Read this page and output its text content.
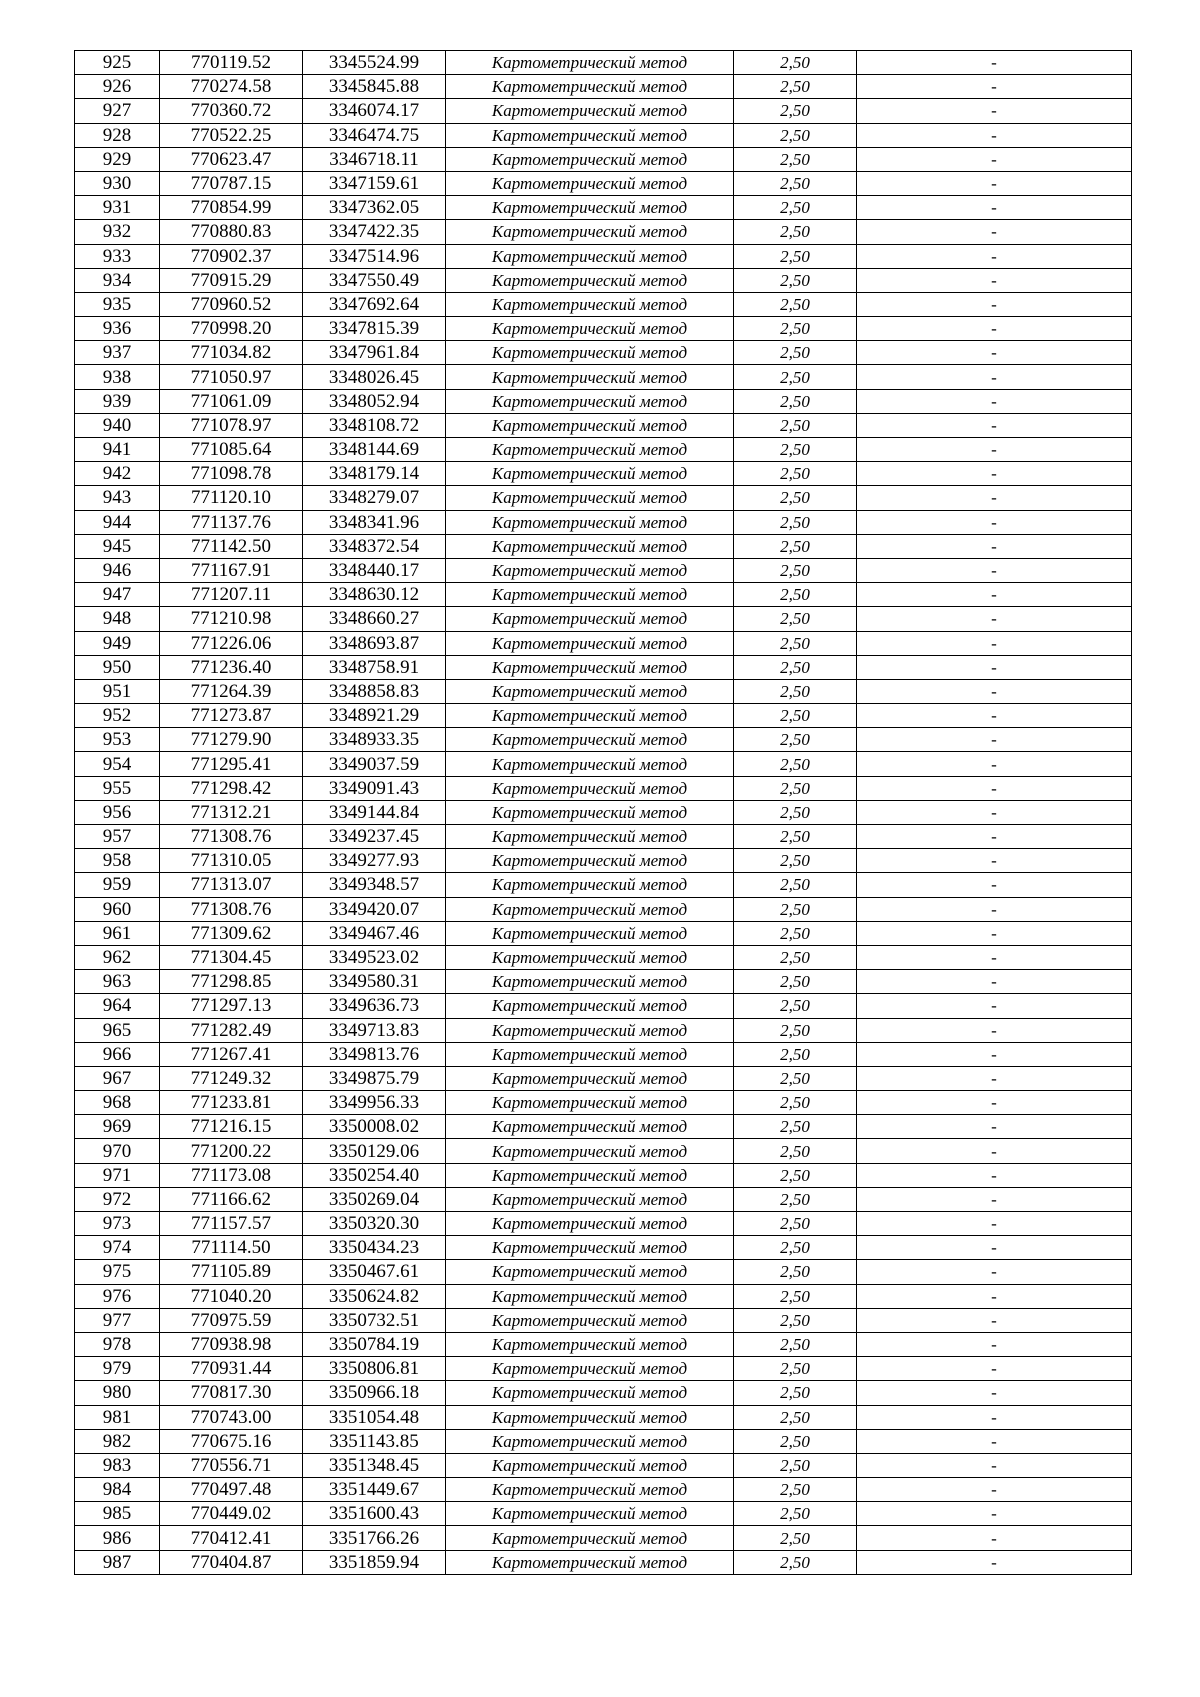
925	770119.52	3345524.99	Картометрический метод	2,50	-
926	770274.58	3345845.88	Картометрический метод	2,50	-
927	770360.72	3346074.17	Картометрический метод	2,50	-
928	770522.25	3346474.75	Картометрический метод	2,50	-
929	770623.47	3346718.11	Картометрический метод	2,50	-
930	770787.15	3347159.61	Картометрический метод	2,50	-
931	770854.99	3347362.05	Картометрический метод	2,50	-
932	770880.83	3347422.35	Картометрический метод	2,50	-
933	770902.37	3347514.96	Картометрический метод	2,50	-
934	770915.29	3347550.49	Картометрический метод	2,50	-
935	770960.52	3347692.64	Картометрический метод	2,50	-
936	770998.20	3347815.39	Картометрический метод	2,50	-
937	771034.82	3347961.84	Картометрический метод	2,50	-
938	771050.97	3348026.45	Картометрический метод	2,50	-
939	771061.09	3348052.94	Картометрический метод	2,50	-
940	771078.97	3348108.72	Картометрический метод	2,50	-
941	771085.64	3348144.69	Картометрический метод	2,50	-
942	771098.78	3348179.14	Картометрический метод	2,50	-
943	771120.10	3348279.07	Картометрический метод	2,50	-
944	771137.76	3348341.96	Картометрический метод	2,50	-
945	771142.50	3348372.54	Картометрический метод	2,50	-
946	771167.91	3348440.17	Картометрический метод	2,50	-
947	771207.11	3348630.12	Картометрический метод	2,50	-
948	771210.98	3348660.27	Картометрический метод	2,50	-
949	771226.06	3348693.87	Картометрический метод	2,50	-
950	771236.40	3348758.91	Картометрический метод	2,50	-
951	771264.39	3348858.83	Картометрический метод	2,50	-
952	771273.87	3348921.29	Картометрический метод	2,50	-
953	771279.90	3348933.35	Картометрический метод	2,50	-
954	771295.41	3349037.59	Картометрический метод	2,50	-
955	771298.42	3349091.43	Картометрический метод	2,50	-
956	771312.21	3349144.84	Картометрический метод	2,50	-
957	771308.76	3349237.45	Картометрический метод	2,50	-
958	771310.05	3349277.93	Картометрический метод	2,50	-
959	771313.07	3349348.57	Картометрический метод	2,50	-
960	771308.76	3349420.07	Картометрический метод	2,50	-
961	771309.62	3349467.46	Картометрический метод	2,50	-
962	771304.45	3349523.02	Картометрический метод	2,50	-
963	771298.85	3349580.31	Картометрический метод	2,50	-
964	771297.13	3349636.73	Картометрический метод	2,50	-
965	771282.49	3349713.83	Картометрический метод	2,50	-
966	771267.41	3349813.76	Картометрический метод	2,50	-
967	771249.32	3349875.79	Картометрический метод	2,50	-
968	771233.81	3349956.33	Картометрический метод	2,50	-
969	771216.15	3350008.02	Картометрический метод	2,50	-
970	771200.22	3350129.06	Картометрический метод	2,50	-
971	771173.08	3350254.40	Картометрический метод	2,50	-
972	771166.62	3350269.04	Картометрический метод	2,50	-
973	771157.57	3350320.30	Картометрический метод	2,50	-
974	771114.50	3350434.23	Картометрический метод	2,50	-
975	771105.89	3350467.61	Картометрический метод	2,50	-
976	771040.20	3350624.82	Картометрический метод	2,50	-
977	770975.59	3350732.51	Картометрический метод	2,50	-
978	770938.98	3350784.19	Картометрический метод	2,50	-
979	770931.44	3350806.81	Картометрический метод	2,50	-
980	770817.30	3350966.18	Картометрический метод	2,50	-
981	770743.00	3351054.48	Картометрический метод	2,50	-
982	770675.16	3351143.85	Картометрический метод	2,50	-
983	770556.71	3351348.45	Картометрический метод	2,50	-
984	770497.48	3351449.67	Картометрический метод	2,50	-
985	770449.02	3351600.43	Картометрический метод	2,50	-
986	770412.41	3351766.26	Картометрический метод	2,50	-
987	770404.87	3351859.94	Картометрический метод	2,50	-
